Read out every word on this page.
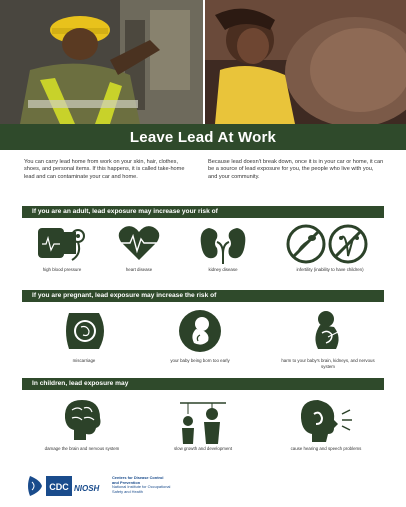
Leave Lead At Work
You can carry lead home from work on your skin, hair, clothes, shoes, and personal items. If this happens, it is called take-home lead and can contaminate your car and home.
Because lead doesn't break down, once it is in your car or home, it can be a source of lead exposure for you, the people who live with you, and your community.
If you are an adult, lead exposure may increase your risk of
high blood pressure	heart disease	kidney disease	infertility (inability to have children)
If you are pregnant, lead exposure may increase the risk of
miscarriage	your baby being born too early	harm to your baby's brain, kidneys, and nervous system
In children, lead exposure may
damage the brain and nervous system	slow growth and development	cause hearing and speech problems
CDC NIOSH
Centers for Disease Control
and Prevention
National Institute for Occupational
Safety and Health
